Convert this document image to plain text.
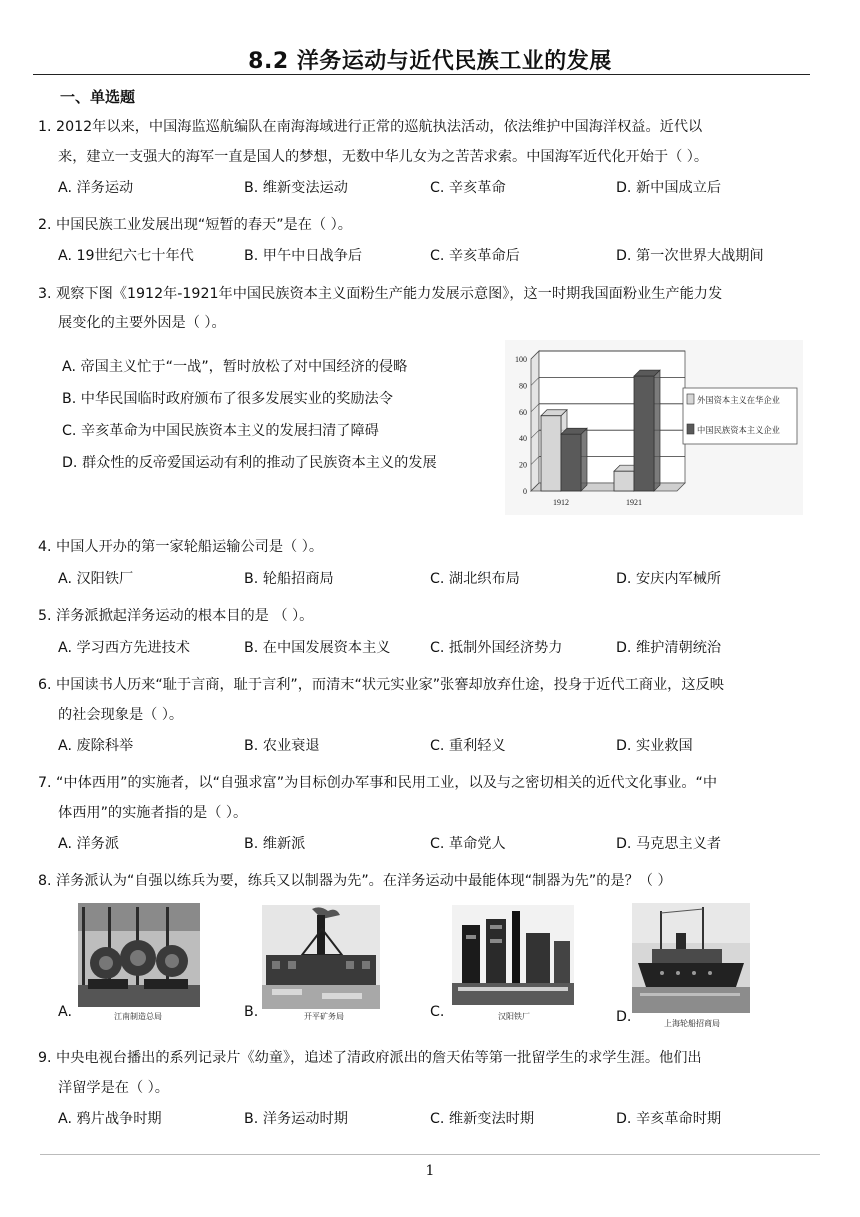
8.2 洋务运动与近代民族工业的发展
一、单选题
1. 2012年以来，中国海监巡航编队在南海海域进行正常的巡航执法活动，依法维护中国海洋权益。近代以
来，建立一支强大的海军一直是国人的梦想，无数中华儿女为之苦苦求索。中国海军近代化开始于（ ）。
A. 洋务运动	B. 维新变法运动	C. 辛亥革命	D. 新中国成立后
2. 中国民族工业发展出现“短暂的春天”是在（ ）。
A. 19世纪六七十年代	B. 甲午中日战争后	C. 辛亥革命后	D. 第一次世界大战期间
3. 观察下图《1912年-1921年中国民族资本主义面粉生产能力发展示意图》，这一时期我国面粉业生产能力发
展变化的主要外因是（ ）。
A. 帝国主义忙于“一战”，暂时放松了对中国经济的侵略
B. 中华民国临时政府颁布了很多发展实业的奖励法令
C. 辛亥革命为中国民族资本主义的发展扫清了障碍
D. 群众性的反帝爱国运动有利的推动了民族资本主义的发展
0
20
40
60
80
100
1912	1921
外国资本主义在华企业
中国民族资本主义企业
4. 中国人开办的第一家轮船运输公司是（ ）。
A. 汉阳铁厂	B. 轮船招商局	C. 湖北织布局	D. 安庆内军械所
5. 洋务派掀起洋务运动的根本目的是 （ ）。
A. 学习西方先进技术	B. 在中国发展资本主义	C. 抵制外国经济势力	D. 维护清朝统治
6. 中国读书人历来“耻于言商，耻于言利”，而清末“状元实业家”张謇却放弃仕途，投身于近代工商业，这反映
的社会现象是（ ）。
A. 废除科举	B. 农业衰退	C. 重利轻义	D. 实业救国
7. “中体西用”的实施者，以“自强求富”为目标创办军事和民用工业，以及与之密切相关的近代文化事业。“中
体西用”的实施者指的是（ ）。
A. 洋务派	B. 维新派	C. 革命党人	D. 马克思主义者
8. 洋务派认为“自强以练兵为要，练兵又以制器为先”。在洋务运动中最能体现“制器为先”的是？（ ）
A.	江南制造总局	B.	开平矿务局	C.	汉阳铁厂	D.	上海轮船招商局
9. 中央电视台播出的系列记录片《幼童》，追述了清政府派出的詹天佑等第一批留学生的求学生涯。他们出
洋留学是在（ ）。
A. 鸦片战争时期	B. 洋务运动时期	C. 维新变法时期	D. 辛亥革命时期
1
